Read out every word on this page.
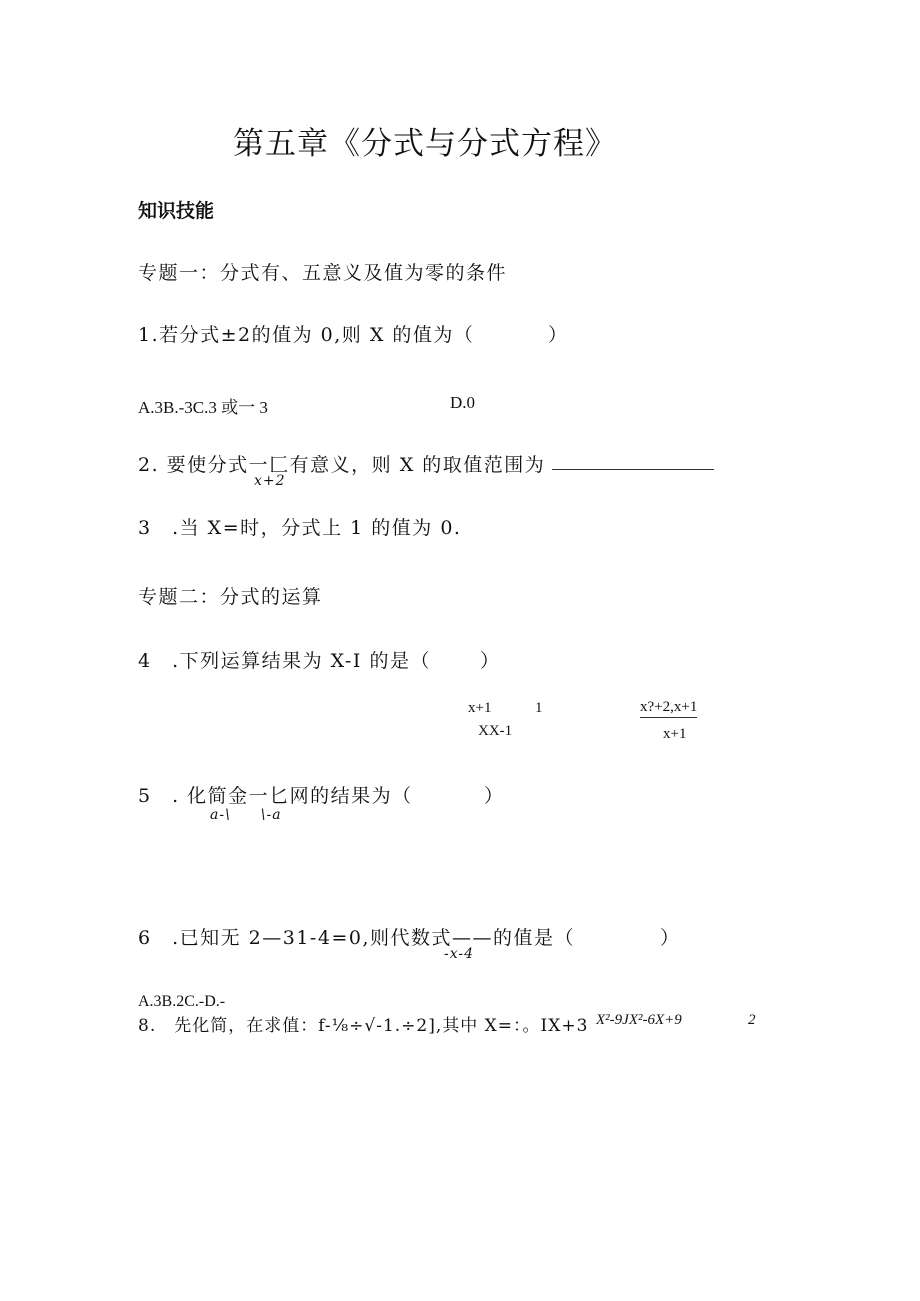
第五章《分式与分式方程》
知识技能
专题一：分式有、五意义及值为零的条件
1.若分式±2的值为 0,则 X 的值为（	）
A.3B.-3C.3 或一 3	D.0
2. 要使分式一匚有意义，则 X 的取值范围为
x+2
3　.当 X=时，分式上 1 的值为 0.
专题二：分式的运算
4　.下列运算结果为 X-I 的是（	）
x+1
XX-1
1	x?+2,x+1
x+1
5　. 化简金一匕网的结果为（	）
a-\　　\-a
6　.已知无 2—31-4=0,则代数式——的值是（	）
-x-4
A.3B.2C.-D.-
8.　先化简，在求值：f-⅛÷√-1.÷2],其中 X=：。IX+3 X²-9JX²-6X+9	2
